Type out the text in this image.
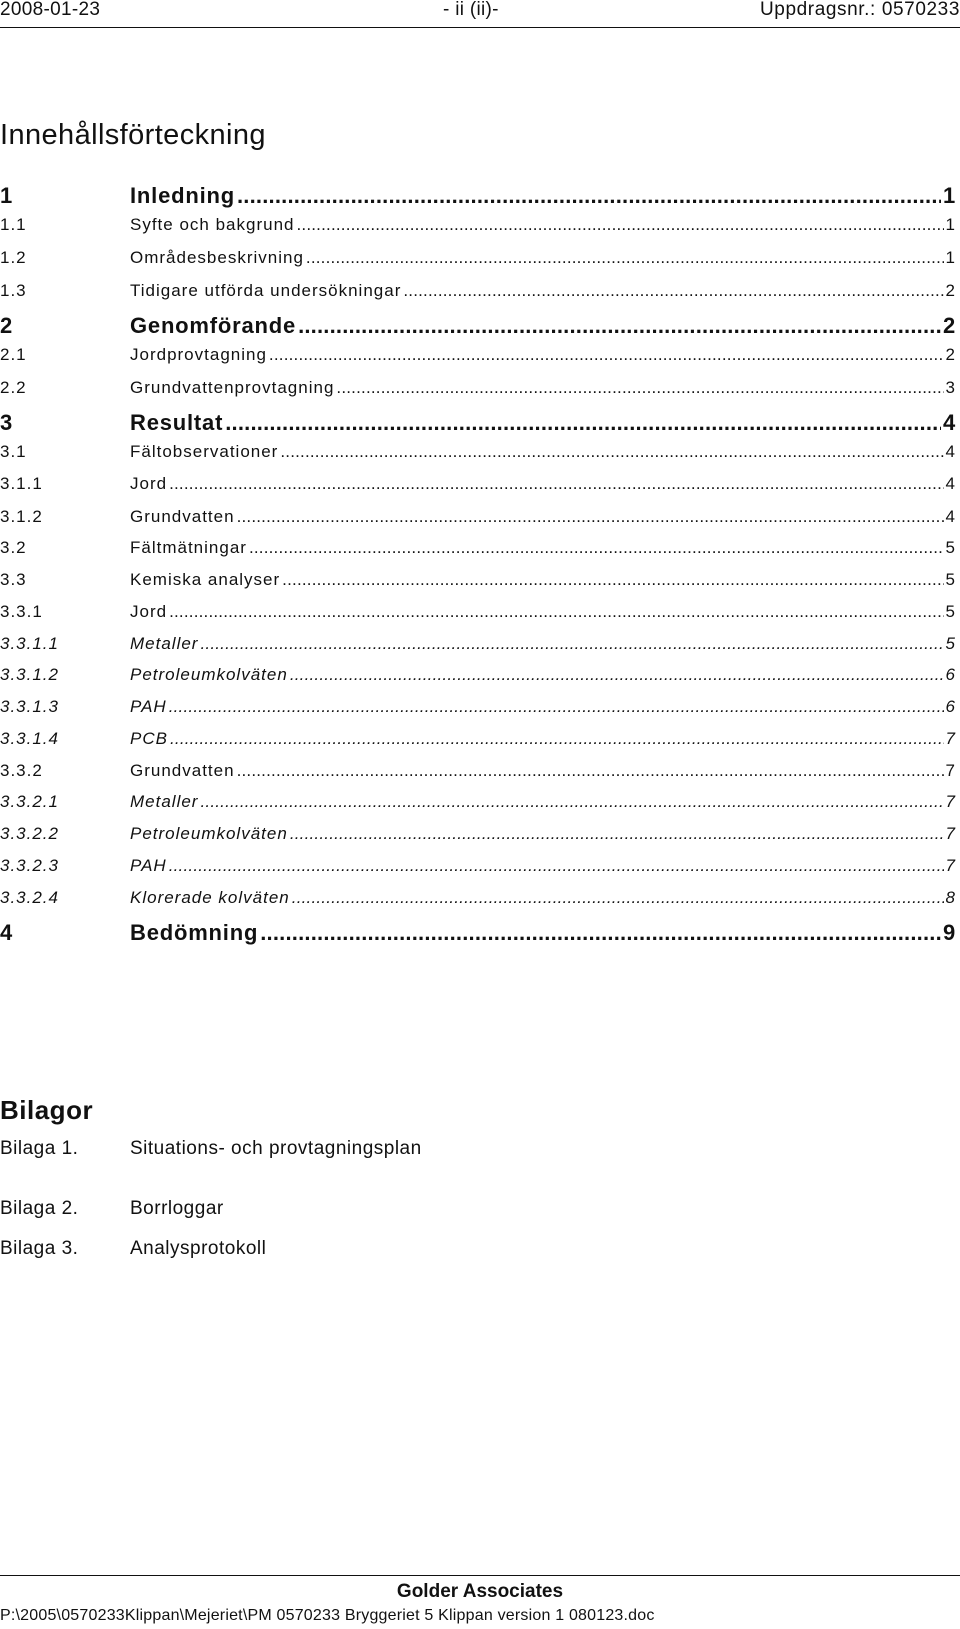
2008-01-23	- ii (ii)-	Uppdragsnr.: 0570233
Innehållsförteckning
1	Inledning .....	1
1.1	Syfte och bakgrund .....	1
1.2	Områdesbeskrivning .....	1
1.3	Tidigare utförda undersökningar .....	2
2	Genomförande .....	2
2.1	Jordprovtagning .....	2
2.2	Grundvattenprovtagning .....	3
3	Resultat .....	4
3.1	Fältobservationer .....	4
3.1.1	Jord .....	4
3.1.2	Grundvatten .....	4
3.2	Fältmätningar .....	5
3.3	Kemiska analyser .....	5
3.3.1	Jord .....	5
3.3.1.1	Metaller .....	5
3.3.1.2	Petroleumkolväten .....	6
3.3.1.3	PAH .....	6
3.3.1.4	PCB .....	7
3.3.2	Grundvatten .....	7
3.3.2.1	Metaller .....	7
3.3.2.2	Petroleumkolväten .....	7
3.3.2.3	PAH .....	7
3.3.2.4	Klorerade kolväten .....	8
4	Bedömning .....	9
Bilagor
Bilaga 1.	Situations- och provtagningsplan
Bilaga 2.	Borrloggar
Bilaga 3.	Analysprotokoll
Golder Associates
P:\2005\0570233Klippan\Mejeriet\PM 0570233 Bryggeriet 5 Klippan version 1 080123.doc
